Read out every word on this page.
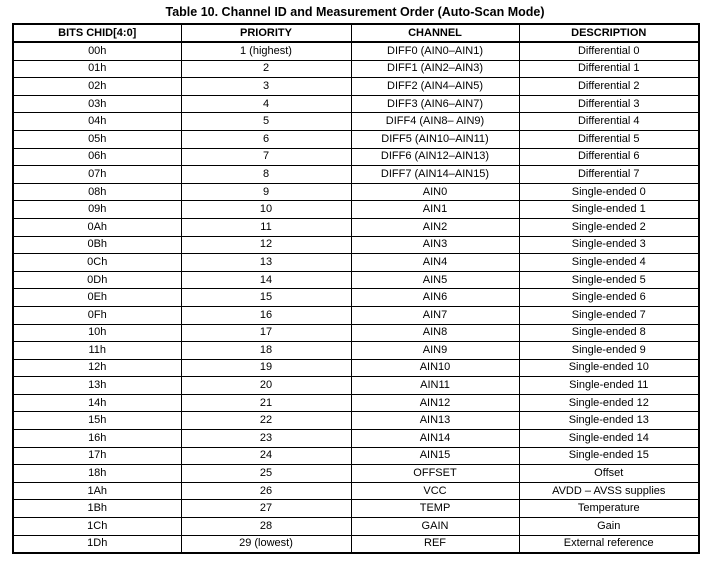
Table 10. Channel ID and Measurement Order (Auto-Scan Mode)
BITS CHID[4:0]	PRIORITY	CHANNEL	DESCRIPTION
00h	1 (highest)	DIFF0 (AIN0–AIN1)	Differential 0
01h	2	DIFF1 (AIN2–AIN3)	Differential 1
02h	3	DIFF2 (AIN4–AIN5)	Differential 2
03h	4	DIFF3 (AIN6–AIN7)	Differential 3
04h	5	DIFF4 (AIN8– AIN9)	Differential 4
05h	6	DIFF5 (AIN10–AIN11)	Differential 5
06h	7	DIFF6 (AIN12–AIN13)	Differential 6
07h	8	DIFF7 (AIN14–AIN15)	Differential 7
08h	9	AIN0	Single-ended 0
09h	10	AIN1	Single-ended 1
0Ah	11	AIN2	Single-ended 2
0Bh	12	AIN3	Single-ended 3
0Ch	13	AIN4	Single-ended 4
0Dh	14	AIN5	Single-ended 5
0Eh	15	AIN6	Single-ended 6
0Fh	16	AIN7	Single-ended 7
10h	17	AIN8	Single-ended 8
11h	18	AIN9	Single-ended 9
12h	19	AIN10	Single-ended 10
13h	20	AIN11	Single-ended 11
14h	21	AIN12	Single-ended 12
15h	22	AIN13	Single-ended 13
16h	23	AIN14	Single-ended 14
17h	24	AIN15	Single-ended 15
18h	25	OFFSET	Offset
1Ah	26	VCC	AVDD – AVSS supplies
1Bh	27	TEMP	Temperature
1Ch	28	GAIN	Gain
1Dh	29 (lowest)	REF	External reference
